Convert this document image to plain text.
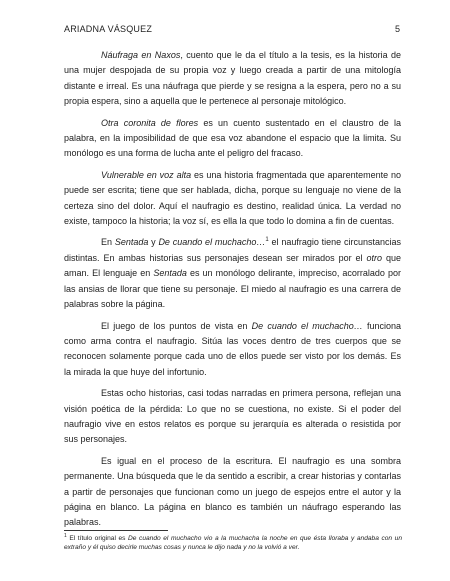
ARIADNA VÁSQUEZ	5

Náufraga en Naxos, cuento que le da el título a la tesis, es la historia de una mujer despojada de su propia voz y luego creada a partir de una mitología distante e irreal. Es una náufraga que pierde y se resigna a la espera, pero no a su propia espera, sino a aquella que le pertenece al personaje mitológico.

Otra coronita de flores es un cuento sustentado en el claustro de la palabra, en la imposibilidad de que esa voz abandone el espacio que la limita. Su monólogo es una forma de lucha ante el peligro del fracaso.

Vulnerable en voz alta es una historia fragmentada que aparentemente no puede ser escrita; tiene que ser hablada, dicha, porque su lenguaje no viene de la certeza sino del dolor. Aquí el naufragio es destino, realidad única. La verdad no existe, tampoco la historia; la voz sí, es ella la que todo lo domina a fin de cuentas.

En Sentada y De cuando el muchacho…$^1$ el naufragio tiene circunstancias distintas. En ambas historias sus personajes desean ser mirados por el otro que aman. El lenguaje en Sentada es un monólogo delirante, impreciso, acorralado por las ansias de llorar que tiene su personaje. El miedo al naufragio es una carrera de palabras sobre la página.

El juego de los puntos de vista en De cuando el muchacho… funciona como arma contra el naufragio. Sitúa las voces dentro de tres cuerpos que se reconocen solamente porque cada uno de ellos puede ser visto por los demás. Es la mirada la que huye del infortunio.

Estas ocho historias, casi todas narradas en primera persona, reflejan una visión poética de la pérdida: Lo que no se cuestiona, no existe. Si el poder del naufragio vive en estos relatos es porque su jerarquía es alterada o resistida por sus personajes.

Es igual en el proceso de la escritura. El naufragio es una sombra permanente. Una búsqueda que le da sentido a escribir, a crear historias y contarlas a partir de personajes que funcionan como un juego de espejos entre el autor y la página en blanco. La página en blanco es también un náufrago esperando las palabras.

$^1$ El título original es De cuando el muchacho vio a la muchacha la noche en que ésta lloraba y andaba con un extraño y él quiso decirle muchas cosas y nunca le dijo nada y no la volvió a ver.
